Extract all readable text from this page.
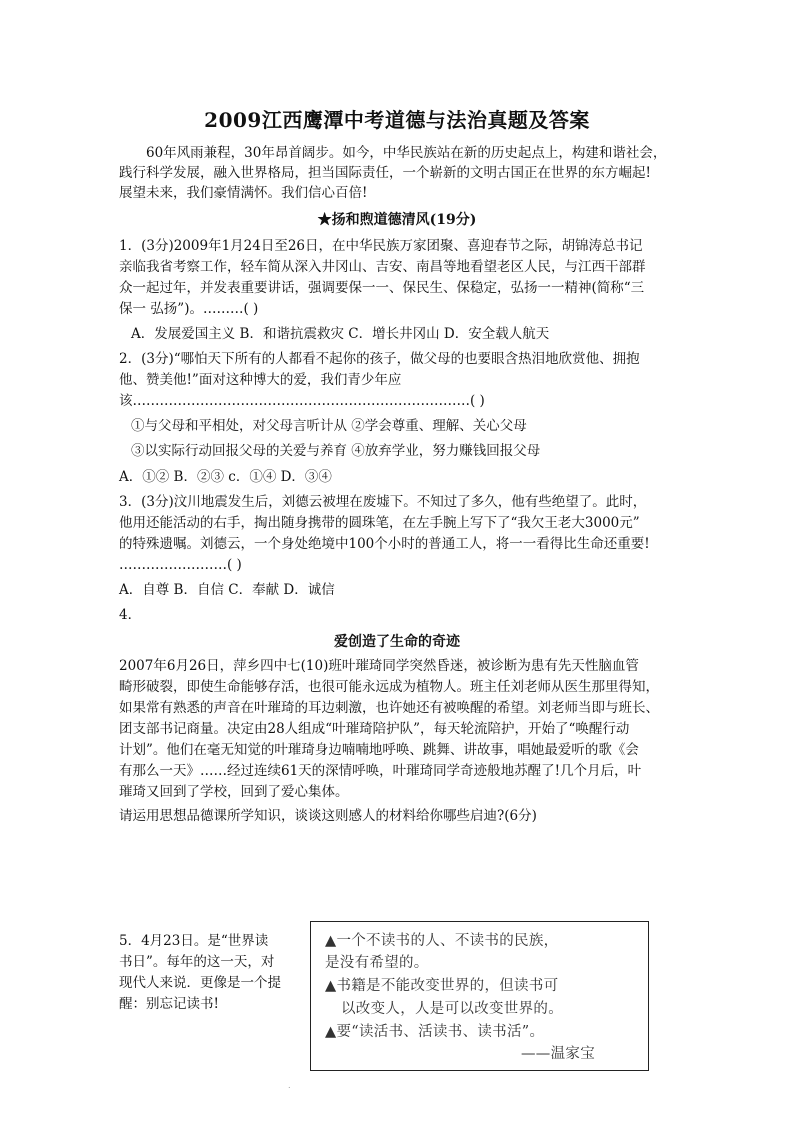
2009江西鹰潭中考道德与法治真题及答案
60年风雨兼程，30年昂首阔步。如今，中华民族站在新的历史起点上，构建和谐社会，
践行科学发展，融入世界格局，担当国际责任，一个崭新的文明古国正在世界的东方崛起!
展望未来，我们豪情满怀。我们信心百倍!
★扬和煦道德清风(19分)
1．(3分)2009年1月24日至26日，在中华民族万家团聚、喜迎春节之际，胡锦涛总书记
亲临我省考察工作，轻车简从深入井冈山、吉安、南昌等地看望老区人民，与江西干部群
众一起过年，并发表重要讲话，强调要保一一、保民生、保稳定，弘扬一一精神(简称“三
保一 弘扬”)。………( )
A．发展爱国主义 B．和谐抗震救灾 C．增长井冈山 D．安全载人航天
2．(3分)“哪怕天下所有的人都看不起你的孩子，做父母的也要眼含热泪地欣赏他、拥抱
他、赞美他!”面对这种博大的爱，我们青少年应
该…………………………………………………………………( )
①与父母和平相处，对父母言听计从 ②学会尊重、理解、关心父母
③以实际行动回报父母的关爱与养育 ④放弃学业，努力赚钱回报父母
A．①② B．②③ c．①④ D．③④
3．(3分)汶川地震发生后，刘德云被埋在废墟下。不知过了多久，他有些绝望了。此时，
他用还能活动的右手，掏出随身携带的圆珠笔，在左手腕上写下了“我欠王老大3000元”
的特殊遗嘱。刘德云，一个身处绝境中100个小时的普通工人，将一一看得比生命还重要!
……………………( )
A．自尊 B．自信 C．奉献 D．诚信
4．
爱创造了生命的奇迹
2007年6月26日，萍乡四中七(10)班叶璀琦同学突然昏迷，被诊断为患有先天性脑血管
畸形破裂，即使生命能够存活，也很可能永远成为植物人。班主任刘老师从医生那里得知，
如果常有熟悉的声音在叶璀琦的耳边刺激，也许她还有被唤醒的希望。刘老师当即与班长、
团支部书记商量。决定由28人组成“叶璀琦陪护队”，每天轮流陪护，开始了“唤醒行动
计划”。他们在毫无知觉的叶璀琦身边喃喃地呼唤、跳舞、讲故事，唱她最爱听的歌《会
有那么一天》……经过连续61天的深情呼唤，叶璀琦同学奇迹般地苏醒了!几个月后，叶
璀琦又回到了学校，回到了爱心集体。
请运用思想品德课所学知识，谈谈这则感人的材料给你哪些启迪?(6分)
5．4月23日。是“世界读
书日”。每年的这一天，对
现代人来说．更像是一个提
醒：别忘记读书!
▲一个不读书的人、不读书的民族，
是没有希望的。
▲书籍是不能改变世界的，但读书可
以改变人，人是可以改变世界的。
▲要“读活书、活读书、读书活”。
——温家宝
.
